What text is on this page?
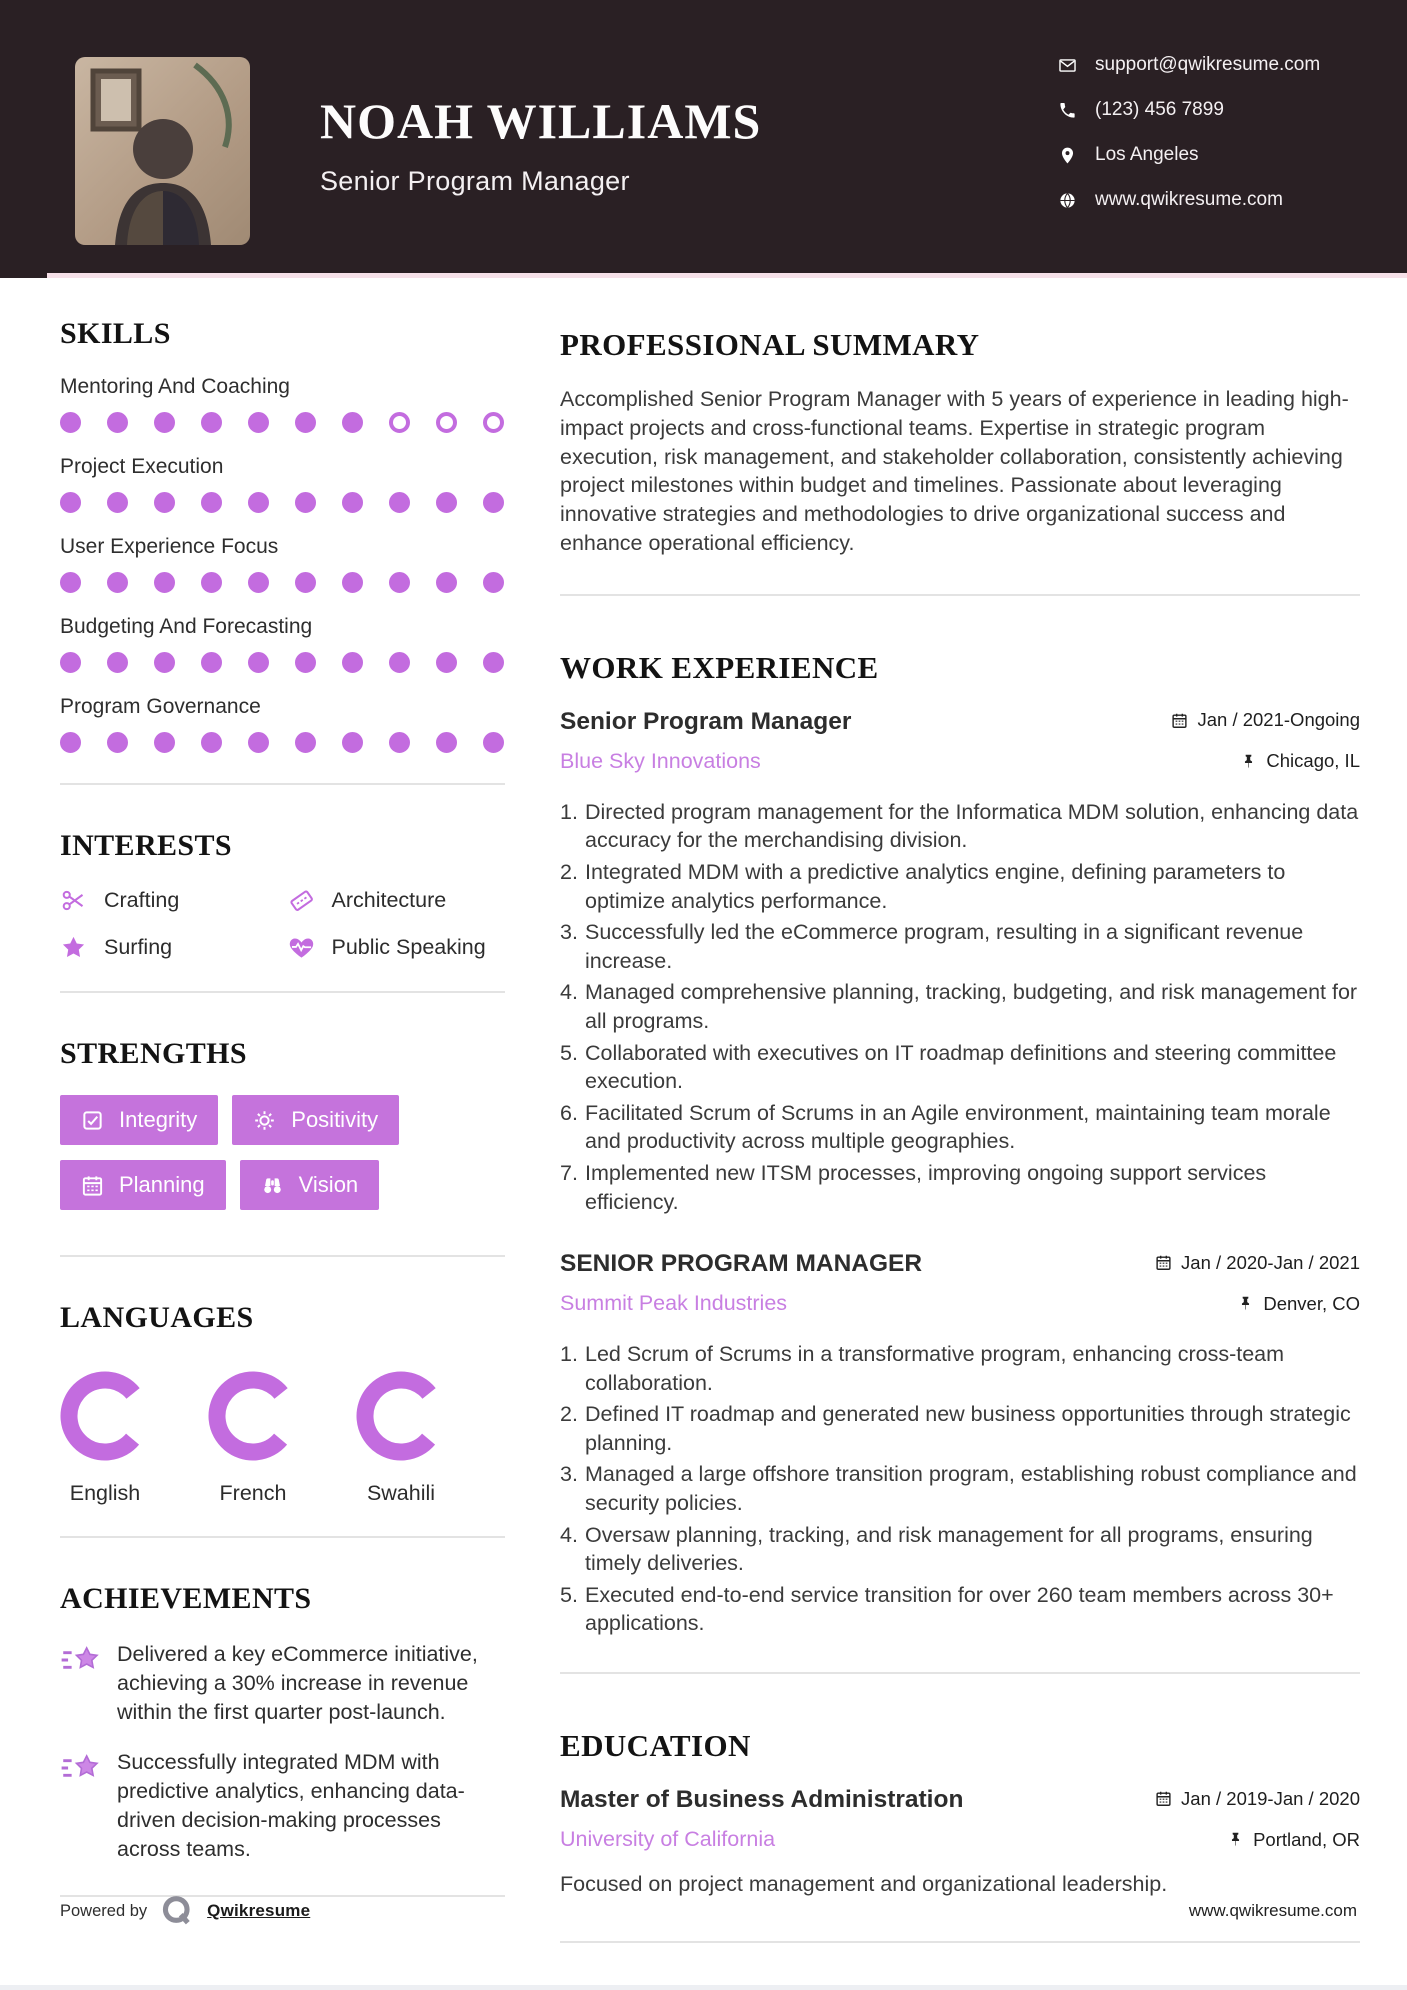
NOAH WILLIAMS
Senior Program Manager
support@qwikresume.com
(123) 456 7899
Los Angeles
www.qwikresume.com
SKILLS
Mentoring And Coaching
Project Execution
User Experience Focus
Budgeting And Forecasting
Program Governance
INTERESTS
Crafting	Architecture
Surfing	Public Speaking
STRENGTHS
Integrity	Positivity
Planning	Vision
LANGUAGES
English	French	Swahili
ACHIEVEMENTS
Delivered a key eCommerce initiative, achieving a 30% increase in revenue within the first quarter post-launch.
Successfully integrated MDM with predictive analytics, enhancing data-driven decision-making processes across teams.
PROFESSIONAL SUMMARY

Accomplished Senior Program Manager with 5 years of experience in leading high-impact projects and cross-functional teams. Expertise in strategic program execution, risk management, and stakeholder collaboration, consistently achieving project milestones within budget and timelines. Passionate about leveraging innovative strategies and methodologies to drive organizational success and enhance operational efficiency.

WORK EXPERIENCE
Senior Program Manager	Jan / 2021-Ongoing
Blue Sky Innovations	Chicago, IL
Directed program management for the Informatica MDM solution, enhancing data accuracy for the merchandising division.
Integrated MDM with a predictive analytics engine, defining parameters to optimize analytics performance.
Successfully led the eCommerce program, resulting in a significant revenue increase.
Managed comprehensive planning, tracking, budgeting, and risk management for all programs.
Collaborated with executives on IT roadmap definitions and steering committee execution.
Facilitated Scrum of Scrums in an Agile environment, maintaining team morale and productivity across multiple geographies.
Implemented new ITSM processes, improving ongoing support services efficiency.
SENIOR PROGRAM MANAGER	Jan / 2020-Jan / 2021
Summit Peak Industries	Denver, CO
Led Scrum of Scrums in a transformative program, enhancing cross-team collaboration.
Defined IT roadmap and generated new business opportunities through strategic planning.
Managed a large offshore transition program, establishing robust compliance and security policies.
Oversaw planning, tracking, and risk management for all programs, ensuring timely deliveries.
Executed end-to-end service transition for over 260 team members across 30+ applications.
EDUCATION
Master of Business Administration	Jan / 2019-Jan / 2020
University of California	Portland, OR

Focused on project management and organizational leadership.

Powered by	Qwikresume	www.qwikresume.com
